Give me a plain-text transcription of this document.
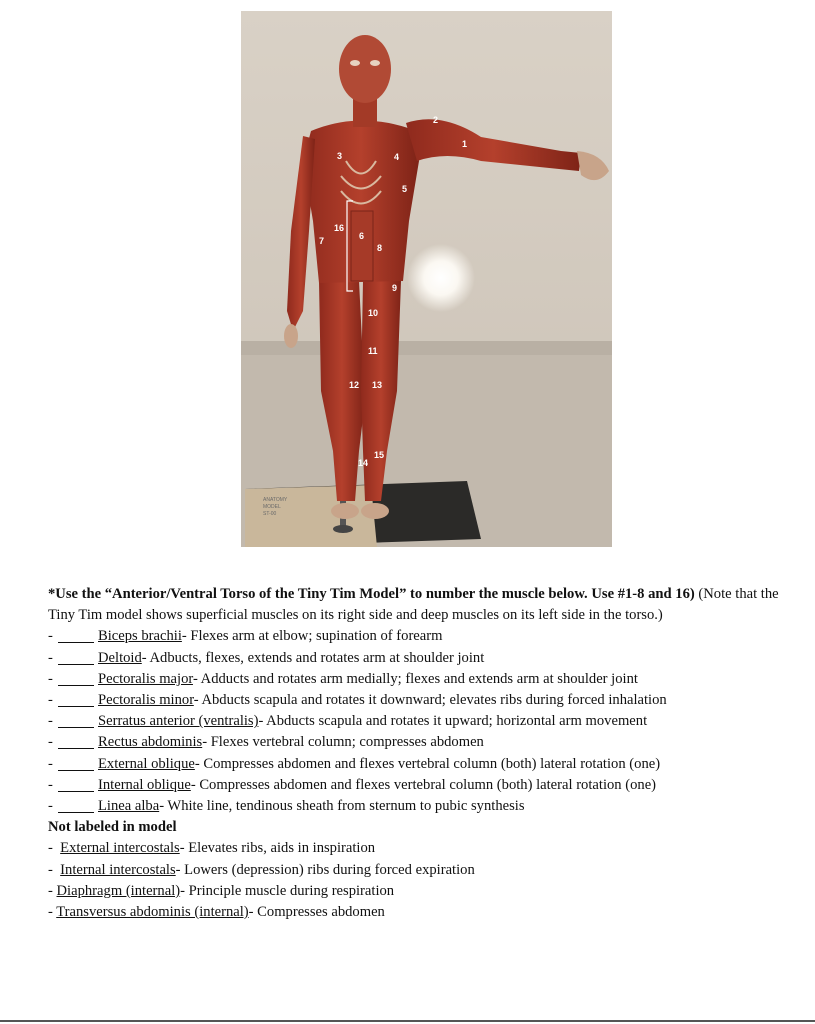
ANATOMY
MODEL
ST-00
1
2
3	4
5
6
7
8
9
10
11
12 13
14
15
16

*Use the “Anterior/Ventral Torso of the Tiny Tim Model” to number the muscle below. Use #1-8 and 16) (Note that the Tiny Tim model shows superficial muscles on its right side and deep muscles on its left side in the torso.)

-	Biceps brachii- Flexes arm at elbow; supination of forearm
-	Deltoid- Adbucts, flexes, extends and rotates arm at shoulder joint
-	Pectoralis major- Adducts and rotates arm medially; flexes and extends arm at shoulder joint
-	Pectoralis minor- Abducts scapula and rotates it downward; elevates ribs during forced inhalation
-	Serratus anterior (ventralis)- Abducts scapula and rotates it upward; horizontal arm movement
-	Rectus abdominis- Flexes vertebral column; compresses abdomen
-	External oblique- Compresses abdomen and flexes vertebral column (both) lateral rotation (one)
-	Internal oblique- Compresses abdomen and flexes vertebral column (both) lateral rotation (one)
-	Linea alba- White line, tendinous sheath from sternum to pubic synthesis
Not labeled in model
-  External intercostals- Elevates ribs, aids in inspiration
-  Internal intercostals- Lowers (depression) ribs during forced expiration
- Diaphragm (internal)- Principle muscle during respiration
- Transversus abdominis (internal)- Compresses abdomen
